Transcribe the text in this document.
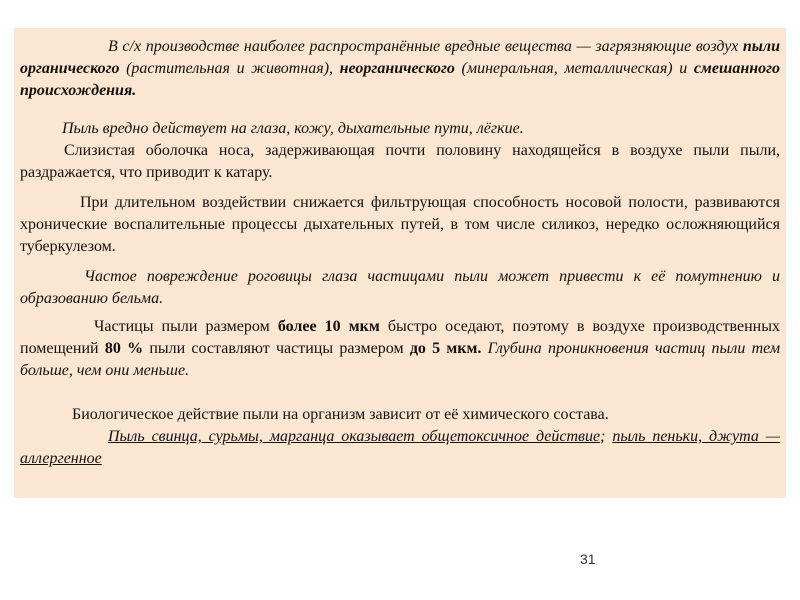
В с/х производстве наиболее распространённые вредные вещества — загрязняющие воздух пыли органического (растительная и животная), неорганического (минеральная, металлическая) и смешанного происхождения.

Пыль вредно действует на глаза, кожу, дыхательные пути, лёгкие.

Слизистая оболочка носа, задерживающая почти половину находящейся в воздухе пыли пыли, раздражается, что приводит к катару.

При длительном воздействии снижается фильтрующая способность носовой полости, развиваются хронические воспалительные процессы дыхательных путей, в том числе силикоз, нередко осложняющийся туберкулезом.

Частое повреждение роговицы глаза частицами пыли может привести к её помутнению и образованию бельма.

Частицы пыли размером более 10 мкм быстро оседают, поэтому в воздухе производственных помещений 80 % пыли составляют частицы размером до 5 мкм. Глубина проникновения частиц пыли тем больше, чем они меньше.

Биологическое действие пыли на организм зависит от её химического состава.

Пыль свинца, сурьмы, марганца оказывает общетоксичное действие; пыль пеньки, джута — аллергенное

31
